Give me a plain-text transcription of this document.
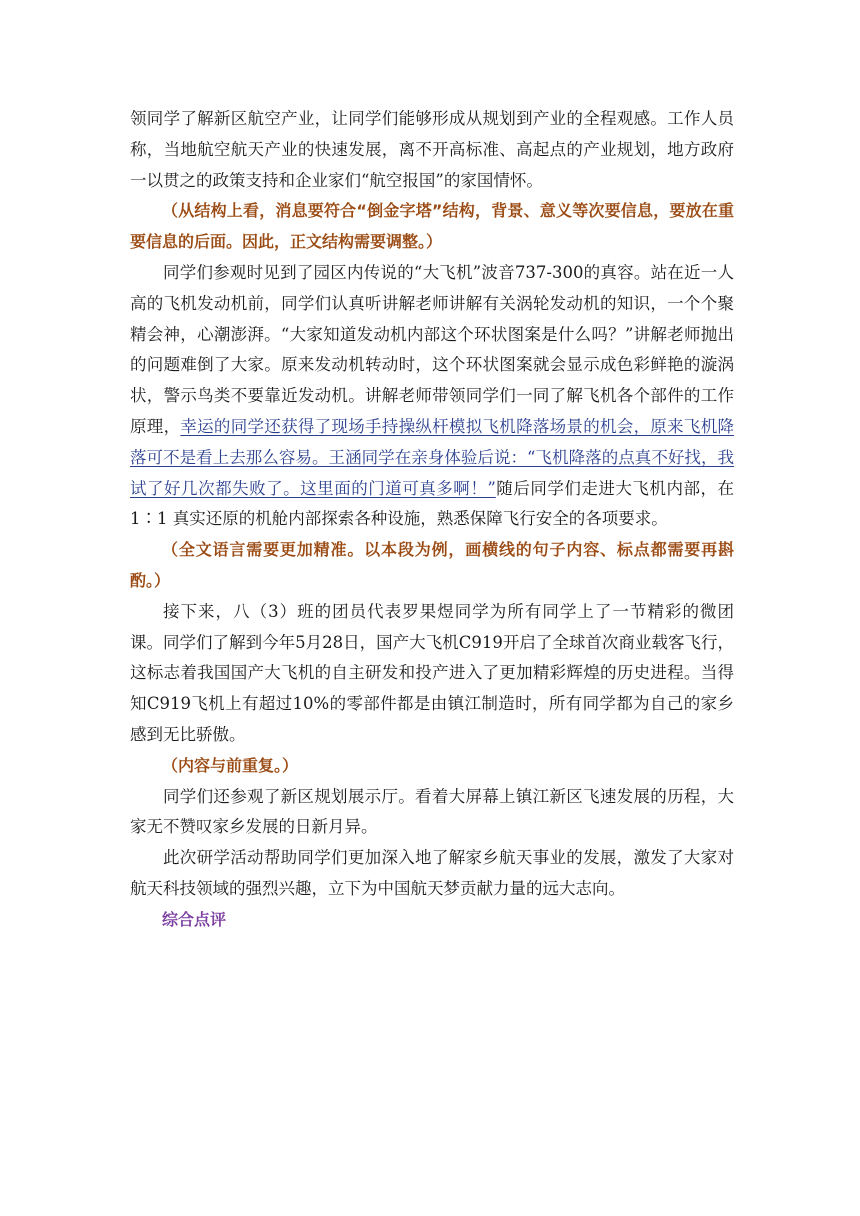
领同学了解新区航空产业，让同学们能够形成从规划到产业的全程观感。工作人员称，当地航空航天产业的快速发展，离不开高标准、高起点的产业规划，地方政府一以贯之的政策支持和企业家们“航空报国”的家国情怀。

（从结构上看，消息要符合“倒金字塔”结构，背景、意义等次要信息，要放在重要信息的后面。因此，正文结构需要调整。）

同学们参观时见到了园区内传说的“大飞机”波音737-300的真容。站在近一人高的飞机发动机前，同学们认真听讲解老师讲解有关涡轮发动机的知识，一个个聚精会神，心潮澎湃。“大家知道发动机内部这个环状图案是什么吗？”讲解老师抛出的问题难倒了大家。原来发动机转动时，这个环状图案就会显示成色彩鲜艳的漩涡状，警示鸟类不要靠近发动机。讲解老师带领同学们一同了解飞机各个部件的工作原理，幸运的同学还获得了现场手持操纵杆模拟飞机降落场景的机会，原来飞机降落可不是看上去那么容易。王涵同学在亲身体验后说：“飞机降落的点真不好找，我试了好几次都失败了。这里面的门道可真多啊！”随后同学们走进大飞机内部，在1∶1 真实还原的机舱内部探索各种设施，熟悉保障飞行安全的各项要求。

（全文语言需要更加精准。以本段为例，画横线的句子内容、标点都需要再斟酌。）

接下来，八（3）班的团员代表罗果煜同学为所有同学上了一节精彩的微团课。同学们了解到今年5月28日，国产大飞机C919开启了全球首次商业载客飞行，这标志着我国国产大飞机的自主研发和投产进入了更加精彩辉煌的历史进程。当得知C919飞机上有超过10%的零部件都是由镇江制造时，所有同学都为自己的家乡感到无比骄傲。

（内容与前重复。）

同学们还参观了新区规划展示厅。看着大屏幕上镇江新区飞速发展的历程，大家无不赞叹家乡发展的日新月异。

此次研学活动帮助同学们更加深入地了解家乡航天事业的发展，激发了大家对航天科技领域的强烈兴趣，立下为中国航天梦贡献力量的远大志向。

综合点评
